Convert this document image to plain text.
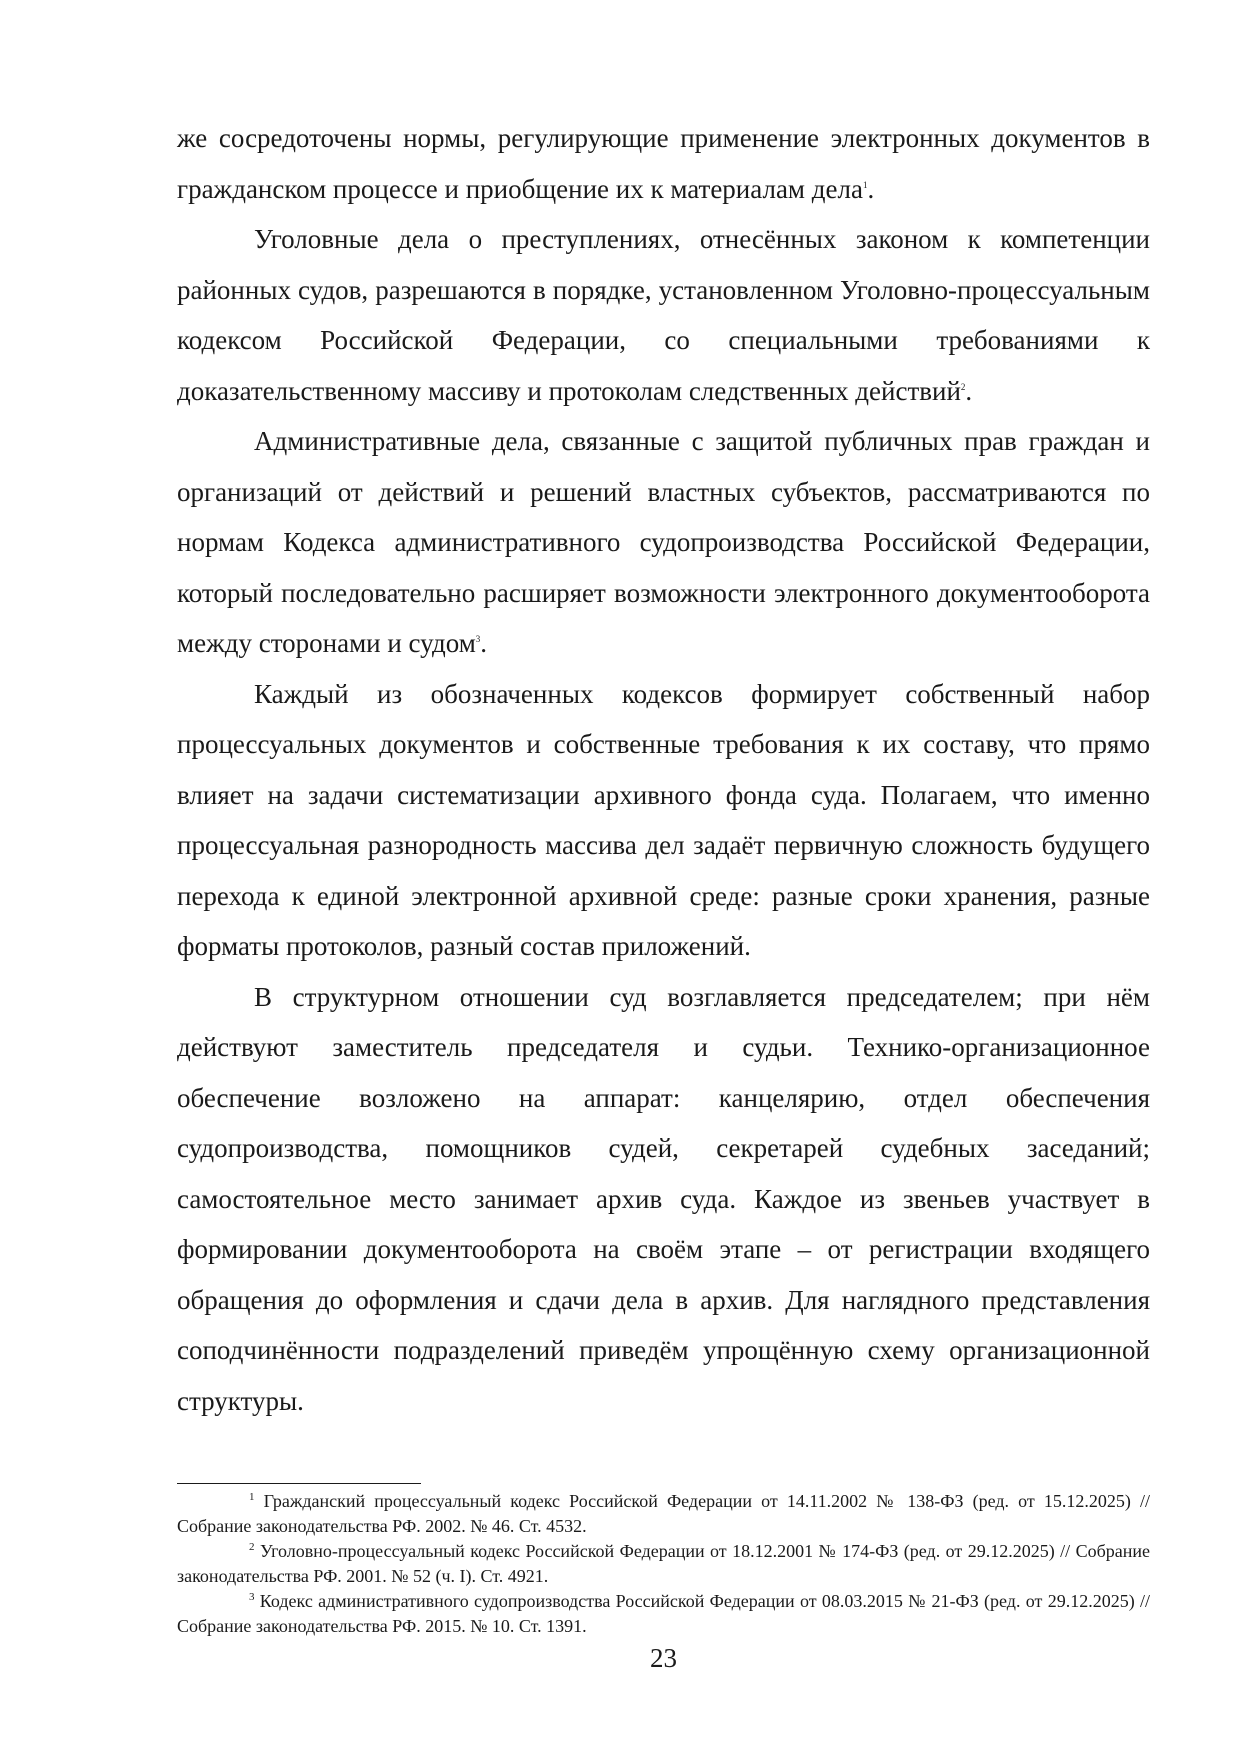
же сосредоточены нормы, регулирующие применение электронных документов в гражданском процессе и приобщение их к материалам дела$^1$.

Уголовные дела о преступлениях, отнесённых законом к компетенции районных судов, разрешаются в порядке, установленном Уголовно-процессуальным кодексом Российской Федерации, со специальными требованиями к доказательственному массиву и протоколам следственных действий$^2$.

Административные дела, связанные с защитой публичных прав граждан и организаций от действий и решений властных субъектов, рассматриваются по нормам Кодекса административного судопроизводства Российской Федерации, который последовательно расширяет возможности электронного документооборота между сторонами и судом$^3$.

Каждый из обозначенных кодексов формирует собственный набор процессуальных документов и собственные требования к их составу, что прямо влияет на задачи систематизации архивного фонда суда. Полагаем, что именно процессуальная разнородность массива дел задаёт первичную сложность будущего перехода к единой электронной архивной среде: разные сроки хранения, разные форматы протоколов, разный состав приложений.

В структурном отношении суд возглавляется председателем; при нём действуют заместитель председателя и судьи. Технико-организационное обеспечение возложено на аппарат: канцелярию, отдел обеспечения судопроизводства, помощников судей, секретарей судебных заседаний; самостоятельное место занимает архив суда. Каждое из звеньев участвует в формировании документооборота на своём этапе – от регистрации входящего обращения до оформления и сдачи дела в архив. Для наглядного представления соподчинённости подразделений приведём упрощённую схему организационной структуры.

$^1$ Гражданский процессуальный кодекс Российской Федерации от 14.11.2002 № 138-ФЗ (ред. от 15.12.2025) // Собрание законодательства РФ. 2002. № 46. Ст. 4532.

$^2$ Уголовно-процессуальный кодекс Российской Федерации от 18.12.2001 № 174-ФЗ (ред. от 29.12.2025) // Собрание законодательства РФ. 2001. № 52 (ч. I). Ст. 4921.

$^3$ Кодекс административного судопроизводства Российской Федерации от 08.03.2015 № 21-ФЗ (ред. от 29.12.2025) // Собрание законодательства РФ. 2015. № 10. Ст. 1391.

23
